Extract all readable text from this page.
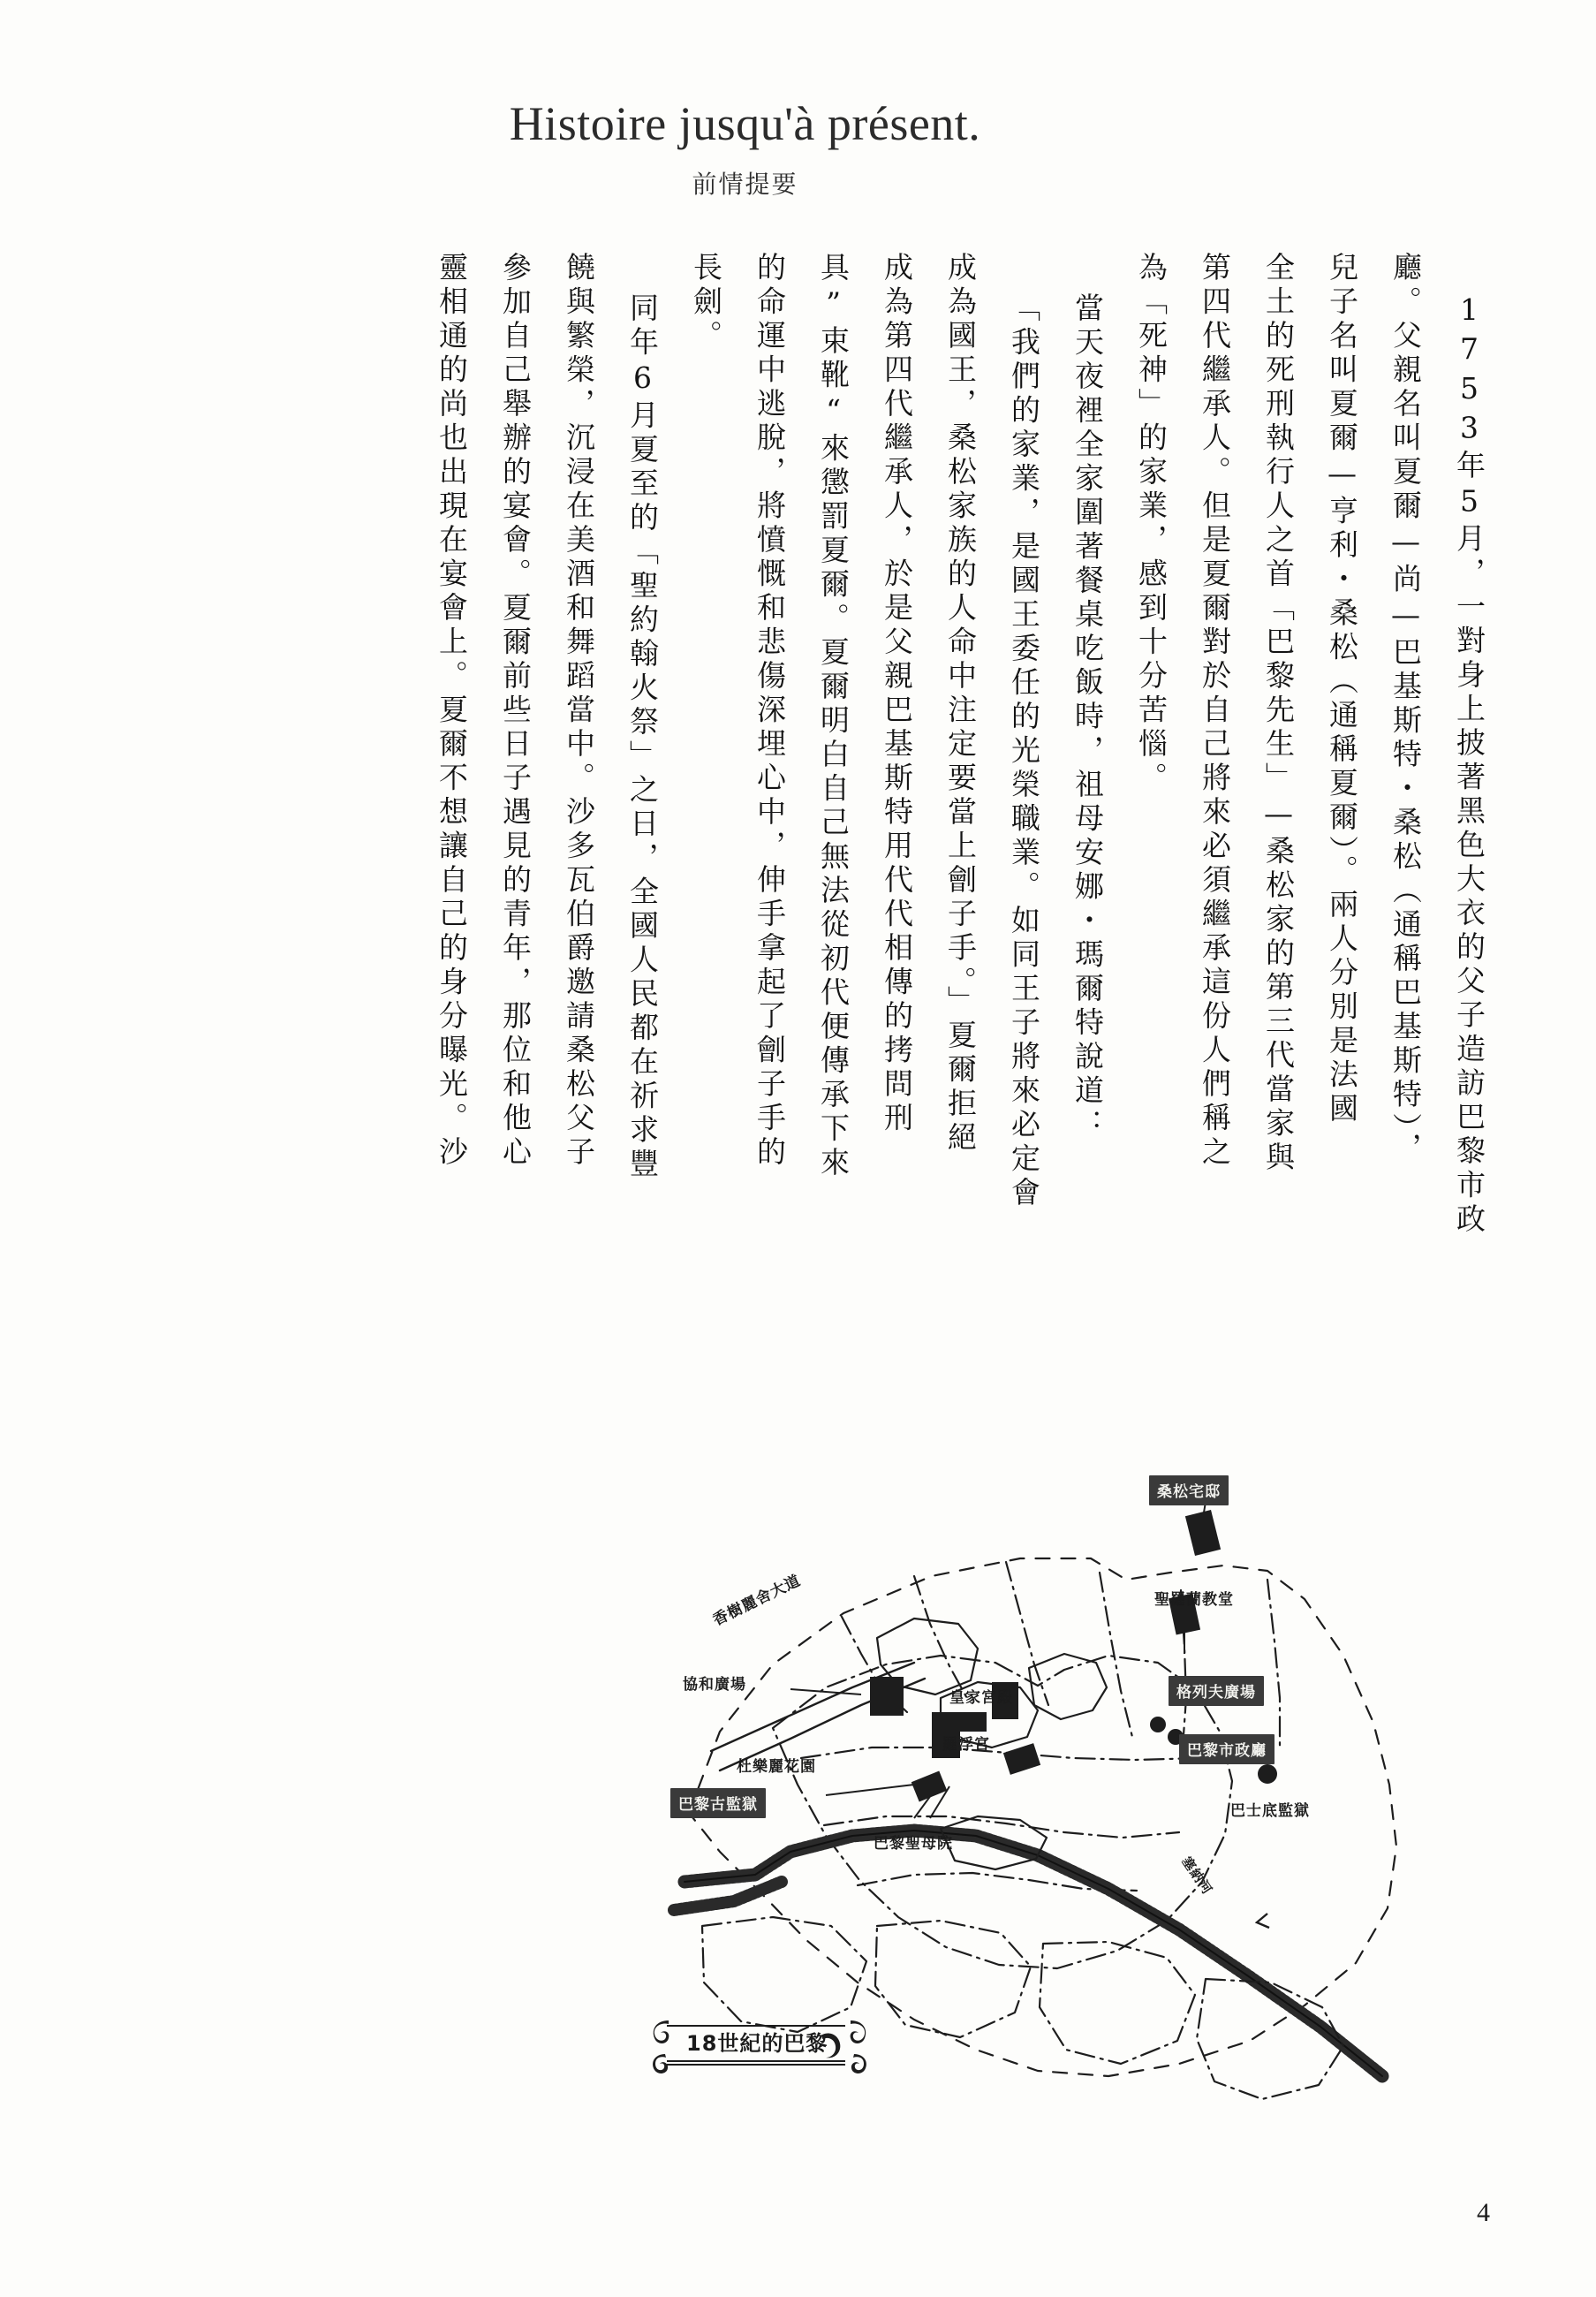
Histoire jusqu'à présent.
前情提要
1753年5月，一對身上披著黑色大衣的父子造訪巴黎市政
廳。父親名叫夏爾—尚—巴基斯特・桑松（通稱巴基斯特），
兒子名叫夏爾—亨利・桑松（通稱夏爾）。兩人分別是法國
全土的死刑執行人之首「巴黎先生」—桑松家的第三代當家與
第四代繼承人。但是夏爾對於自己將來必須繼承這份人們稱之
為「死神」的家業，感到十分苦惱。
當天夜裡全家圍著餐桌吃飯時，祖母安娜・瑪爾特說道：
「我們的家業，是國王委任的光榮職業。如同王子將來必定會
成為國王，桑松家族的人命中注定要當上劊子手。」夏爾拒絕
成為第四代繼承人，於是父親巴基斯特用代代相傳的拷問刑
具”束靴“來懲罰夏爾。夏爾明白自己無法從初代便傳承下來
的命運中逃脫，將憤慨和悲傷深埋心中，伸手拿起了劊子手的
長劍。
同年6月夏至的「聖約翰火祭」之日，全國人民都在祈求豐
饒與繁榮，沉浸在美酒和舞蹈當中。沙多瓦伯爵邀請桑松父子
參加自己舉辦的宴會。夏爾前些日子遇見的青年，那位和他心
靈相通的尚也出現在宴會上。夏爾不想讓自己的身分曝光。沙
桑松宅邸
聖羅蘭教堂
香樹麗舍大道
協和廣場
皇家宮殿	格列夫廣場
羅浮宮
杜樂麗花園
巴黎市政廳
巴黎古監獄	巴士底監獄
巴黎聖母院
塞納河
18世紀的巴黎
4
